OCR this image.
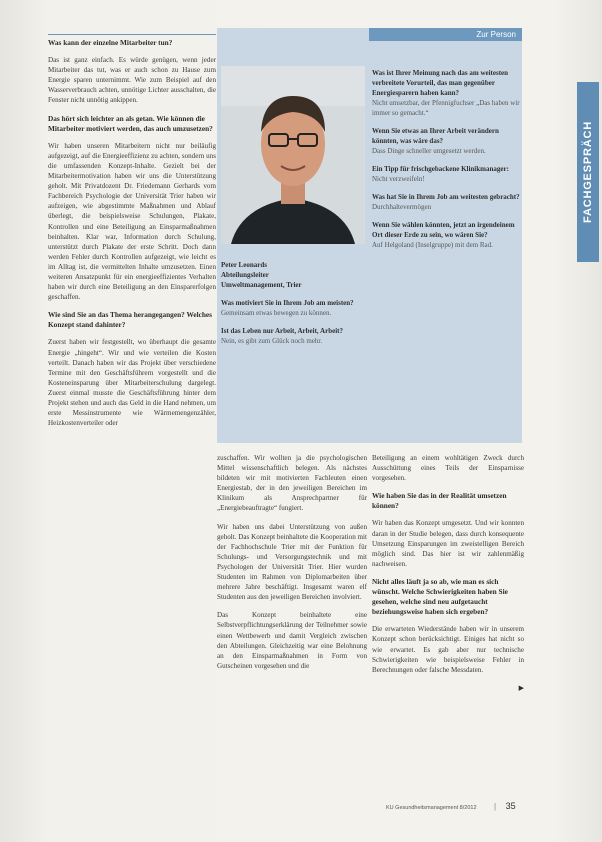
Was kann der einzelne Mitarbeiter tun?

Das ist ganz einfach. Es würde genügen, wenn jeder Mitarbeiter das tut, was er auch schon zu Hause zum Energie sparen unternimmt. Wie zum Beispiel auf den Wasserverbrauch achten, unnötige Lichter ausschalten, die Fenster nicht unnötig ankippen.

Das hört sich leichter an als getan. Wie können die Mitarbeiter motiviert werden, das auch umzusetzen?

Wir haben unseren Mitarbeitern nicht nur beiläufig aufgezeigt, auf die Energieeffizienz zu achten, sondern uns die umfassenden Konzept-Inhalte. Gezielt bei der Mitarbeitermotivation haben wir uns die Unterstützung geholt. Mit Privatdozent Dr. Friedemann Gerhards vom Fachbereich Psychologie der Universität Trier haben wir aufzeigen, wie abgestimmte Maßnahmen und Ablauf überlegt, die beispielsweise Schulungen, Plakate, Kontrollen und eine Beteiligung an Einsparmaßnahmen beinhalten. Klar war, Information durch Schulung, unterstützt durch Plakate der erste Schritt. Doch dann werden Fehler durch Kontrollen aufgezeigt, wie leicht es im Alltag ist, die vermittelten Inhalte umzusetzen. Einen weiteren Ansatzpunkt für ein energieeffizientes Verhalten haben wir durch eine Beteiligung an den Einsparerfolgen geschaffen.

Wie sind Sie an das Thema herangegangen? Welches Konzept stand dahinter?

Zuerst haben wir festgestellt, wo überhaupt die gesamte Energie „hingeht“. Wir und wie verteilen die Kosten verteilt. Danach haben wir das Projekt über verschiedene Termine mit den Geschäftsführern vorgestellt und die Kosteneinsparung über Mitarbeiterschulung dargelegt. Zuerst einmal musste die Geschäftsführung hinter dem Projekt stehen und auch das Geld in die Hand nehmen, um erste Messinstrumente wie Wärmemengenzähler, Heizkostenverteiler oder

Zur Person
Peter Leonards
Abteilungsleiter
Umweltmanagement, Trier
Was motiviert Sie in Ihrem Job am meisten?
Gemeinsam etwas bewegen zu können.
Ist das Leben nur Arbeit, Arbeit, Arbeit?
Nein, es gibt zum Glück noch mehr.
Was ist Ihrer Meinung nach das am weitesten verbreitete Vorurteil, das man gegenüber Energiesparern haben kann?
Nicht umsetzbar, der Pfennigfuchser „Das haben wir immer so gemacht.“
Wenn Sie etwas an Ihrer Arbeit verändern könnten, was wäre das?
Dass Dinge schneller umgesetzt werden.
Ein Tipp für frischgebackene Klinikmanager:
Nicht verzweifeln!
Was hat Sie in Ihrem Job am weitesten gebracht?
Durchhaltevermögen
Wenn Sie wählen könnten, jetzt an irgendeinem Ort dieser Erde zu sein, wo wären Sie?
Auf Helgoland (Inselgruppe) mit dem Rad.

zuschaffen. Wir wollten ja die psychologischen Mittel wissenschaftlich belegen. Als nächstes bildeten wir mit motivierten Fachleuten einen Energiestab, der in den jeweiligen Bereichen im Klinikum als Ansprechpartner für „Energiebeauftragte“ fungiert.

Wir haben uns dabei Unterstützung von außen geholt. Das Konzept beinhaltete die Kooperation mit der Fachhochschule Trier mit der Funktion für Schulungs- und Versorgungstechnik und mit Psychologen der Universität Trier. Hier wurden Studenten im Rahmen von Diplomarbeiten über mehrere Jahre beschäftigt. Insgesamt waren elf Studenten aus den jeweiligen Bereichen involviert.

Das Konzept beinhaltete eine Selbstverpflichtungserklärung der Teilnehmer sowie einen Wettbewerb und damit Vergleich zwischen den Abteilungen. Gleichzeitig war eine Belohnung an den Einsparmaßnahmen in Form von Gutscheinen vorgesehen und die

Beteiligung an einem wohltätigen Zweck durch Ausschüttung eines Teils der Einsparnisse vorgesehen.

Wie haben Sie das in der Realität umsetzen können?

Wir haben das Konzept umgesetzt. Und wir konnten daran in der Studie belegen, dass durch konsequente Umsetzung Einsparungen im zweistelligen Bereich möglich sind. Das hier ist wir zahlenmäßig nachweisen.

Nicht alles läuft ja so ab, wie man es sich wünscht. Welche Schwierigkeiten haben Sie gesehen, welche sind neu aufgetaucht beziehungsweise haben sich ergeben?

Die erwarteten Wiederstände haben wir in unserem Konzept schon berücksichtigt. Einiges hat nicht so wie erwartet. Es gab aber nur technische Schwierigkeiten wie beispielsweise Fehler in Berechnungen oder falsche Messdaten.

▶
FACHGESPRÄCH
KU Gesundheitsmanagement 8/2012 | 35
